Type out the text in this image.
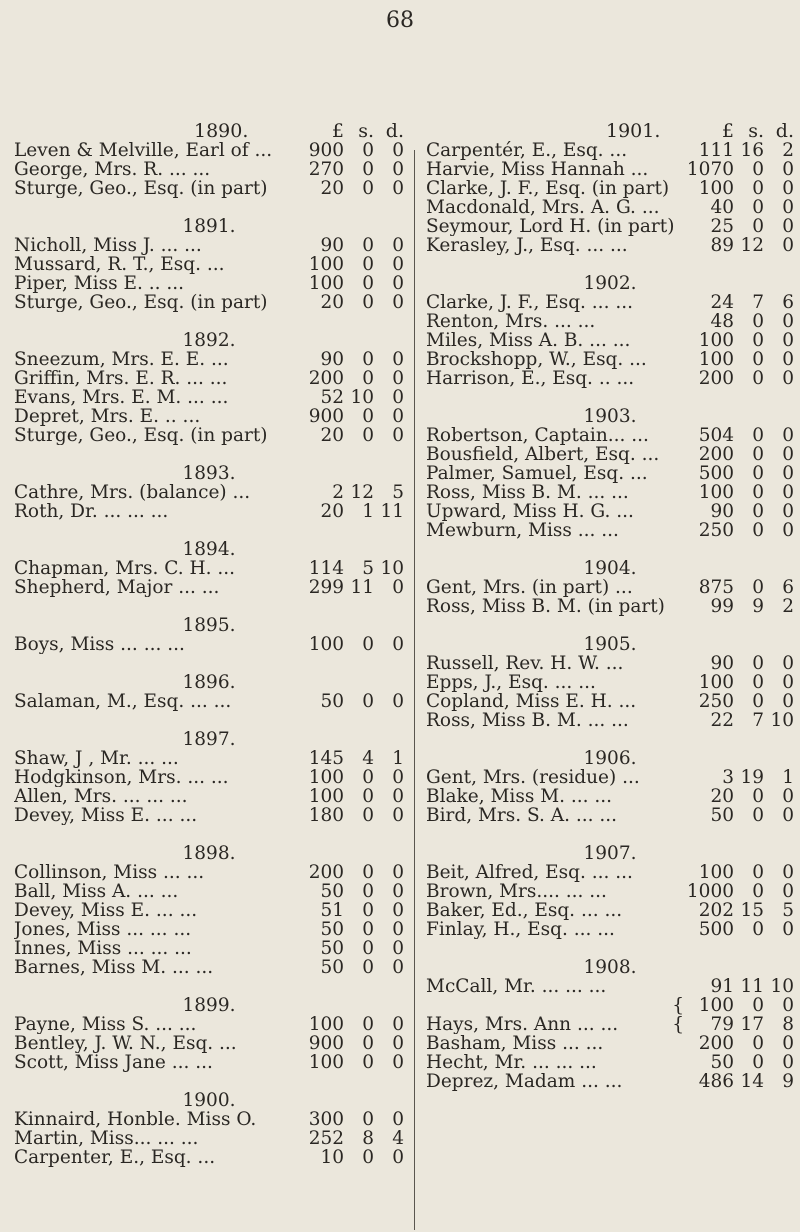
68
1890.	£ s. d.
Leven & Melville, Earl of ...	900 0 0
George, Mrs. R. ... ...	270 0 0
Sturge, Geo., Esq. (in part)	20 0 0
1891.
Nicholl, Miss J. ... ...	90 0 0
Mussard, R. T., Esq. ...	100 0 0
Piper, Miss E. .. ...	100 0 0
Sturge, Geo., Esq. (in part)	20 0 0
1892.
Sneezum, Mrs. E. E. ...	90 0 0
Griffin, Mrs. E. R. ... ...	200 0 0
Evans, Mrs. E. M. ... ...	52 10 0
Depret, Mrs. E. .. ...	900 0 0
Sturge, Geo., Esq. (in part)	20 0 0
1893.
Cathre, Mrs. (balance) ...	2 12 5
Roth, Dr. ... ... ...	20 1 11
1894.
Chapman, Mrs. C. H. ...	114 5 10
Shepherd, Major ... ...	299 11 0
1895.
Boys, Miss ... ... ...	100 0 0
1896.
Salaman, M., Esq. ... ...	50 0 0
1897.
Shaw, J , Mr. ... ...	145 4 1
Hodgkinson, Mrs. ... ...	100 0 0
Allen, Mrs. ... ... ...	100 0 0
Devey, Miss E. ... ...	180 0 0
1898.
Collinson, Miss ... ...	200 0 0
Ball, Miss A. ... ...	50 0 0
Devey, Miss E. ... ...	51 0 0
Jones, Miss ... ... ...	50 0 0
Innes, Miss ... ... ...	50 0 0
Barnes, Miss M. ... ...	50 0 0
1899.
Payne, Miss S. ... ...	100 0 0
Bentley, J. W. N., Esq. ...	900 0 0
Scott, Miss Jane ... ...	100 0 0
1900.
Kinnaird, Honble. Miss O.	300 0 0
Martin, Miss... ... ...	252 8 4
Carpenter, E., Esq. ...	10 0 0
1901.	£ s. d.
Carpentér, E., Esq. ...	111 16 2
Harvie, Miss Hannah ...	1070 0 0
Clarke, J. F., Esq. (in part)	100 0 0
Macdonald, Mrs. A. G. ...	40 0 0
Seymour, Lord H. (in part)	25 0 0
Kerasley, J., Esq. ... ...	89 12 0
1902.
Clarke, J. F., Esq. ... ...	24 7 6
Renton, Mrs. ... ...	48 0 0
Miles, Miss A. B. ... ...	100 0 0
Brockshopp, W., Esq. ...	100 0 0
Harrison, E., Esq. .. ...	200 0 0
1903.
Robertson, Captain... ...	504 0 0
Bousfield, Albert, Esq. ...	200 0 0
Palmer, Samuel, Esq. ...	500 0 0
Ross, Miss B. M. ... ...	100 0 0
Upward, Miss H. G. ...	90 0 0
Mewburn, Miss ... ...	250 0 0
1904.
Gent, Mrs. (in part) ...	875 0 6
Ross, Miss B. M. (in part)	99 9 2
1905.
Russell, Rev. H. W. ...	90 0 0
Epps, J., Esq. ... ...	100 0 0
Copland, Miss E. H. ...	250 0 0
Ross, Miss B. M. ... ...	22 7 10
1906.
Gent, Mrs. (residue) ...	3 19 1
Blake, Miss M. ... ...	20 0 0
Bird, Mrs. S. A. ... ...	50 0 0
1907.
Beit, Alfred, Esq. ... ...	100 0 0
Brown, Mrs.... ... ...	1000 0 0
Baker, Ed., Esq. ... ...	202 15 5
Finlay, H., Esq. ... ...	500 0 0
1908.
McCall, Mr. ... ... ...	91 11 10
{ 100 0 0
Hays, Mrs. Ann ... ...	{	79 17 8
Basham, Miss ... ...	200 0 0
Hecht, Mr. ... ... ...	50 0 0
Deprez, Madam ... ...	486 14 9
